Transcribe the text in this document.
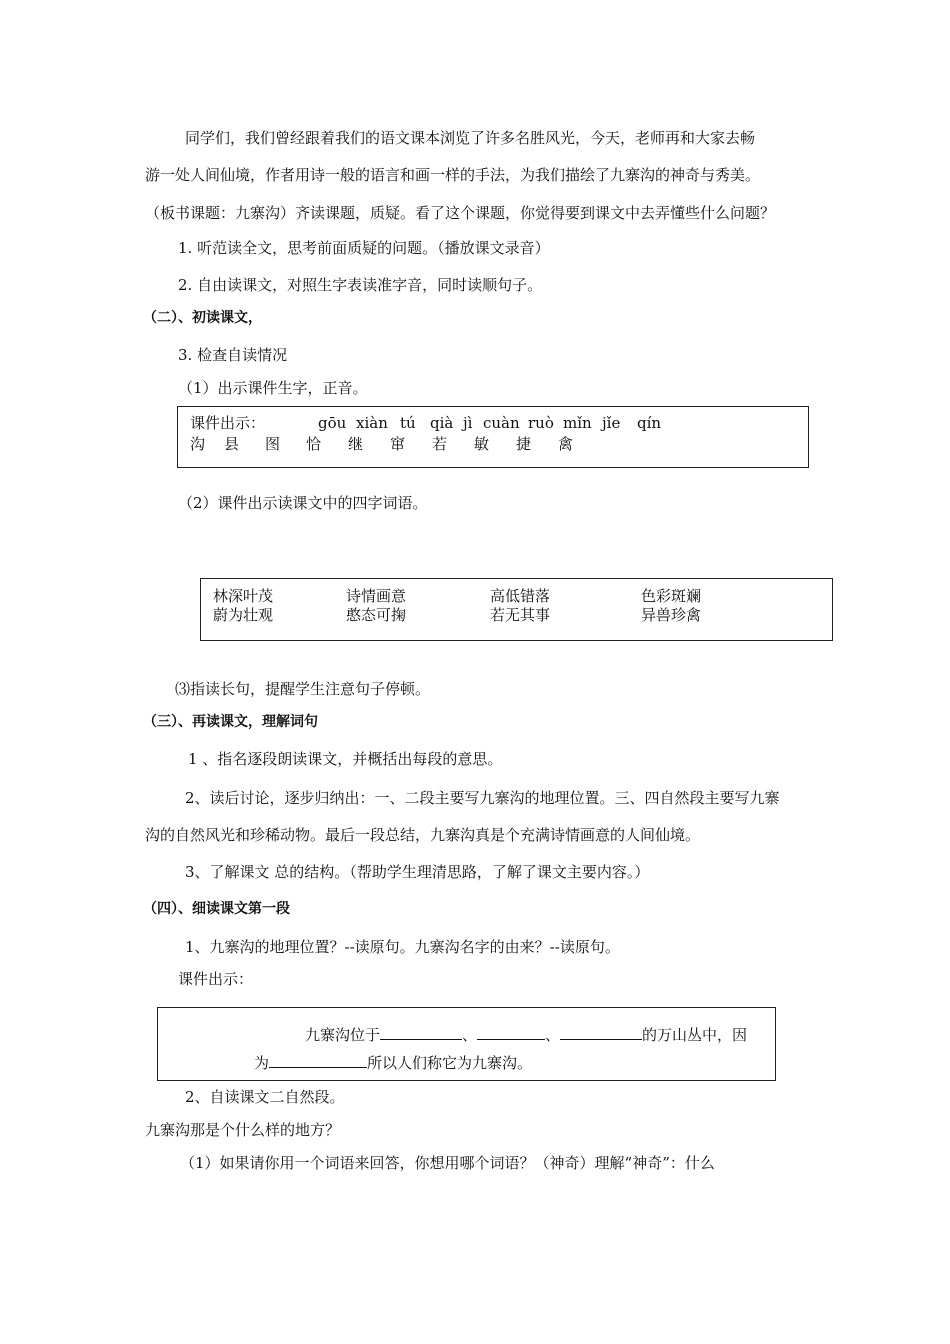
同学们，我们曾经跟着我们的语文课本浏览了许多名胜风光，今天，老师再和大家去畅
游一处人间仙境，作者用诗一般的语言和画一样的手法，为我们描绘了九寨沟的神奇与秀美。
（板书课题：九寨沟）齐读课题，质疑。看了这个课题，你觉得要到课文中去弄懂些什么问题？
1. 听范读全文，思考前面质疑的问题。（播放课文录音）
2. 自由读课文，对照生字表读准字音，同时读顺句子。
（二）、初读课文，
3. 检查自读情况
（1）出示课件生字，正音。
课件出示：	gōu xiàn tú qià jì cuàn ruò mǐn jǐe qín
沟 县 图 恰 继 窜 若 敏 捷 禽
（2）课件出示读课文中的四字词语。
林深叶茂	诗情画意	高低错落	色彩斑斓
蔚为壮观	憨态可掬	若无其事	异兽珍禽
⑶指读长句，提醒学生注意句子停顿。
（三）、再读课文，理解词句
1 、指名逐段朗读课文，并概括出每段的意思。
2、读后讨论，逐步归纳出：一、二段主要写九寨沟的地理位置。三、四自然段主要写九寨
沟的自然风光和珍稀动物。最后一段总结，九寨沟真是个充满诗情画意的人间仙境。
3、了解课文 总的结构。（帮助学生理清思路，了解了课文主要内容。）
（四）、细读课文第一段
1、九寨沟的地理位置？--读原句。九寨沟名字的由来？--读原句。
课件出示：
九寨沟位于	、	、	的万山丛中，因
为	所以人们称它为九寨沟。
2、自读课文二自然段。
九寨沟那是个什么样的地方？
（1）如果请你用一个词语来回答，你想用哪个词语？（神奇）理解“神奇”：什么
